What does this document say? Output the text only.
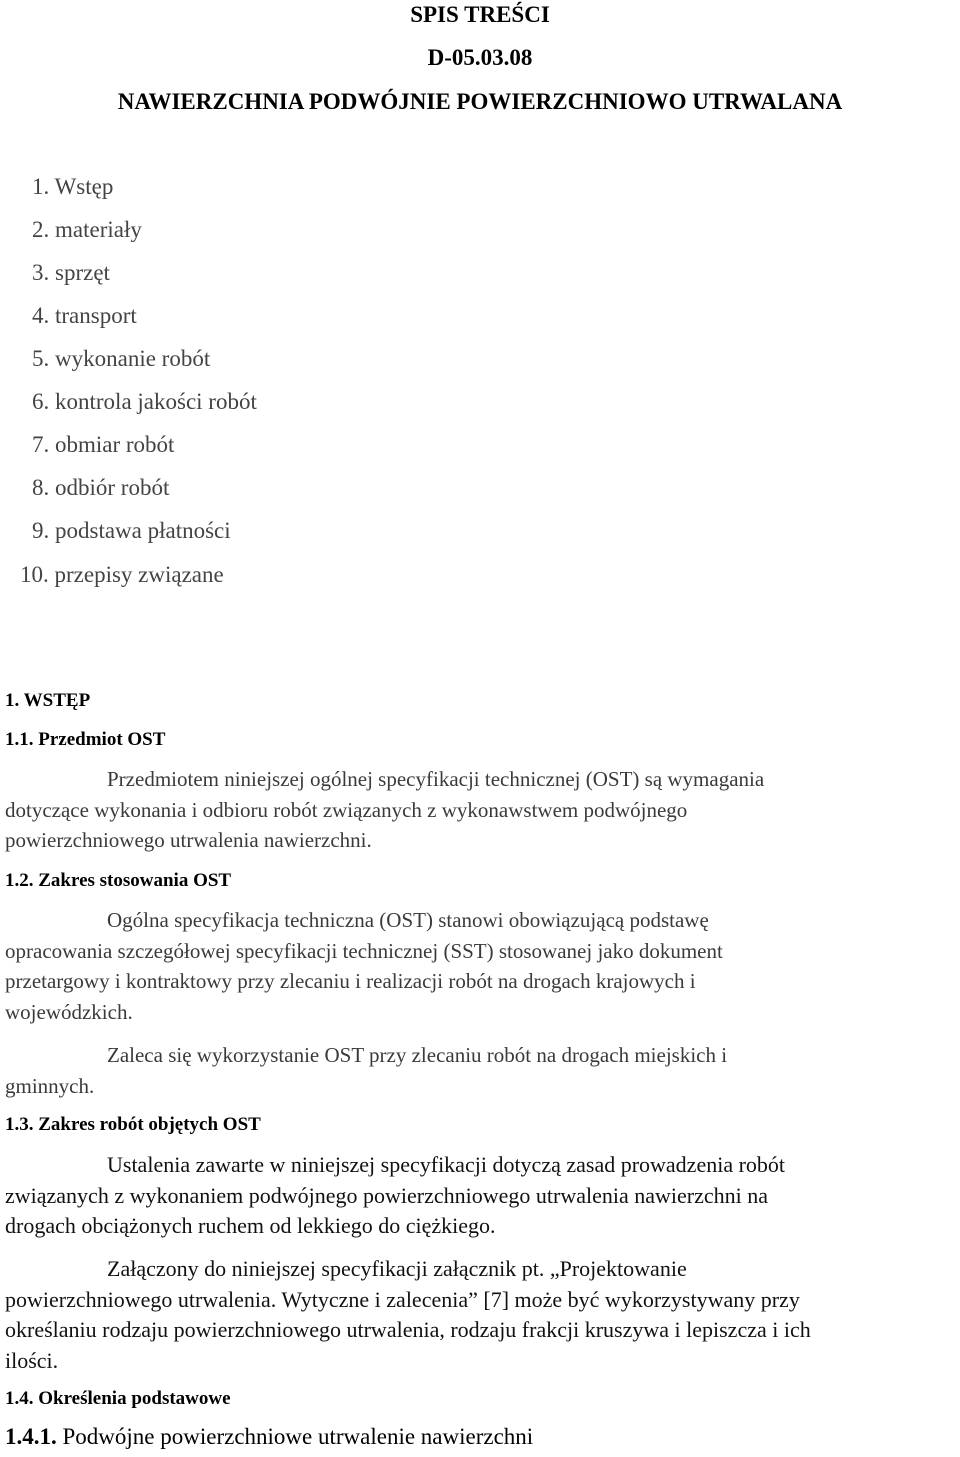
SPIS TREŚCI
D-05.03.08
NAWIERZCHNIA PODWÓJNIE POWIERZCHNIOWO UTRWALANA
1. Wstęp
2. materiały
3. sprzęt
4. transport
5. wykonanie robót
6. kontrola jakości robót
7. obmiar robót
8. odbiór robót
9. podstawa płatności
10. przepisy związane
1. WSTĘP
1.1. Przedmiot OST
Przedmiotem niniejszej ogólnej specyfikacji technicznej (OST) są wymagania
dotyczące wykonania i odbioru robót związanych z wykonawstwem podwójnego
powierzchniowego utrwalenia nawierzchni.
1.2. Zakres stosowania OST
Ogólna specyfikacja techniczna (OST) stanowi obowiązującą podstawę
opracowania szczegółowej specyfikacji technicznej (SST) stosowanej jako dokument
przetargowy i kontraktowy przy zlecaniu i realizacji robót na drogach krajowych i
wojewódzkich.
Zaleca się wykorzystanie OST przy zlecaniu robót na drogach miejskich i
gminnych.
1.3. Zakres robót objętych OST
Ustalenia zawarte w niniejszej specyfikacji dotyczą zasad prowadzenia robót
związanych z wykonaniem podwójnego powierzchniowego utrwalenia nawierzchni na
drogach obciążonych ruchem od lekkiego do ciężkiego.
Załączony do niniejszej specyfikacji załącznik pt. „Projektowanie
powierzchniowego utrwalenia. Wytyczne i zalecenia” [7] może być wykorzystywany przy
określaniu rodzaju powierzchniowego utrwalenia, rodzaju frakcji kruszywa i lepiszcza i ich
ilości.
1.4. Określenia podstawowe
1.4.1. Podwójne powierzchniowe utrwalenie nawierzchni
